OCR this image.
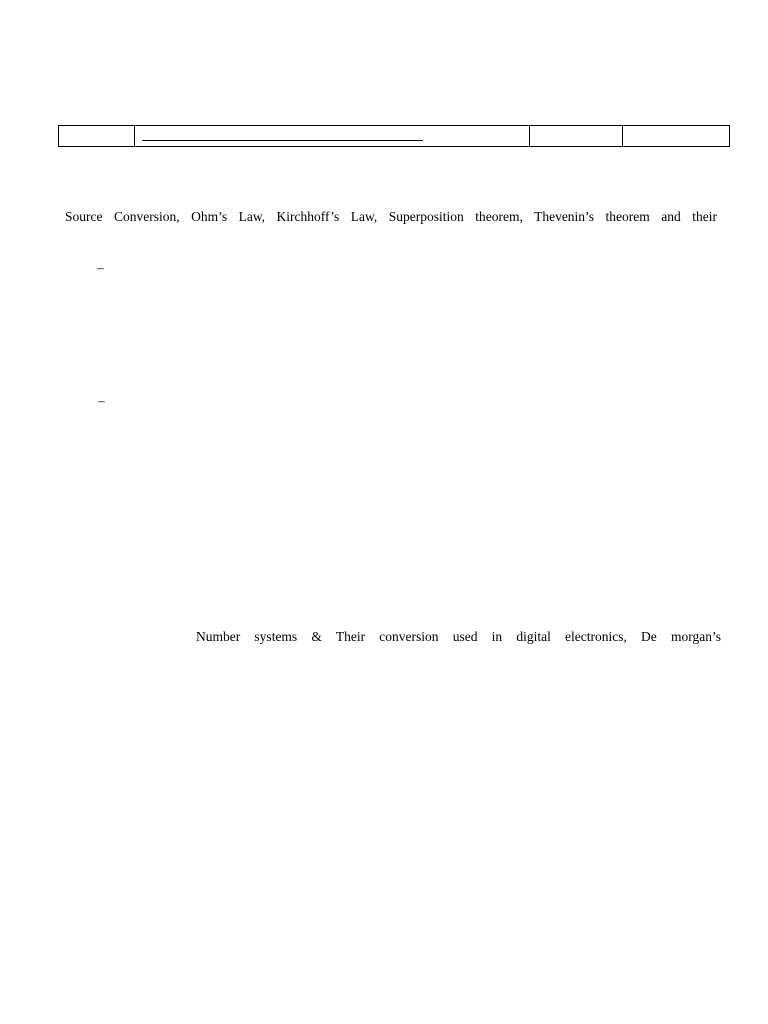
Source Conversion, Ohm’s Law, Kirchhoff’s Law, Superposition theorem, Thevenin’s theorem and their
–
–
Number systems & Their conversion used in digital electronics, De morgan’s
